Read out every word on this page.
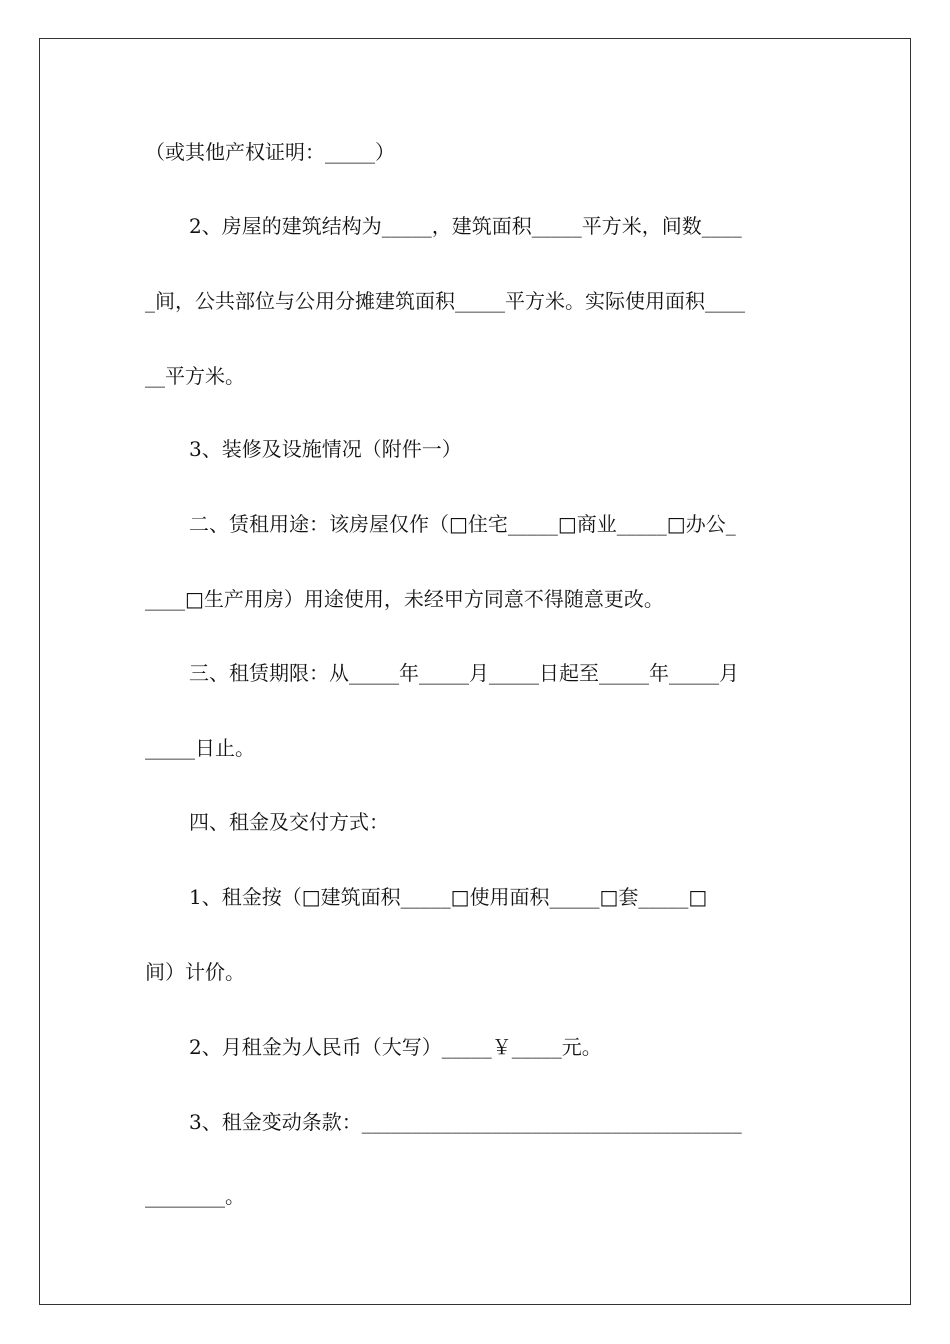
（或其他产权证明：_____）
2、房屋的建筑结构为_____，建筑面积_____平方米，间数____
_间，公共部位与公用分摊建筑面积_____平方米。实际使用面积____
__平方米。
3、装修及设施情况（附件一）
二、赁租用途：该房屋仅作（□住宅_____□商业_____□办公_
____□生产用房）用途使用，未经甲方同意不得随意更改。
三、租赁期限：从_____年_____月_____日起至_____年_____月
_____日止。
四、租金及交付方式：
1、租金按（□建筑面积_____□使用面积_____□套_____□
间）计价。
2、月租金为人民币（大写）_____￥_____元。
3、租金变动条款：______________________________________
________。
